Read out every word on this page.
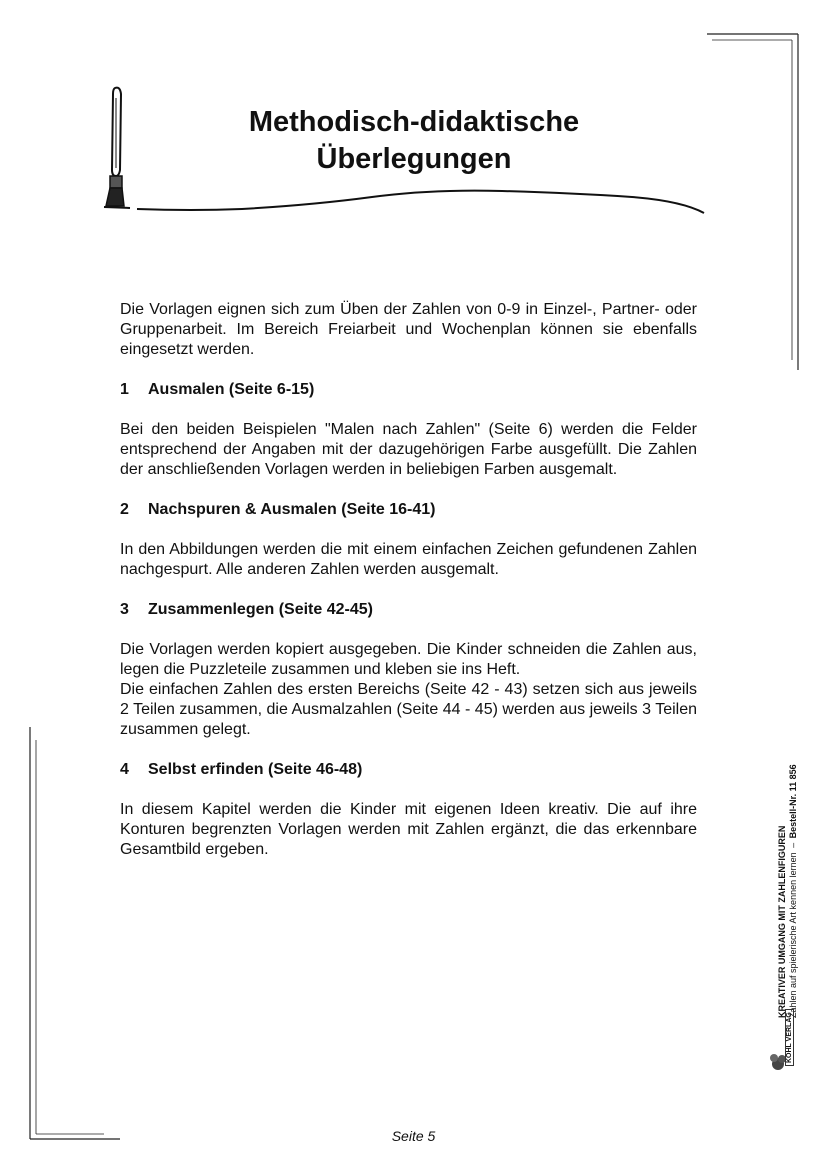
Methodisch-didaktische
Überlegungen

Die Vorlagen eignen sich zum Üben der Zahlen von 0-9 in Einzel-, Partner- oder Gruppenarbeit. Im Bereich Freiarbeit und Wochenplan können sie ebenfalls eingesetzt werden.

1 Ausmalen (Seite 6-15)

Bei den beiden Beispielen "Malen nach Zahlen" (Seite 6) werden die Felder entsprechend der Angaben mit der dazugehörigen Farbe ausgefüllt. Die Zahlen der anschließenden Vorlagen werden in beliebigen Farben ausgemalt.

2 Nachspuren & Ausmalen (Seite 16-41)

In den Abbildungen werden die mit einem einfachen Zeichen gefundenen Zahlen nachgespurt. Alle anderen Zahlen werden ausgemalt.

3 Zusammenlegen (Seite 42-45)

Die Vorlagen werden kopiert ausgegeben. Die Kinder schneiden die Zahlen aus, legen die Puzzleteile zusammen und kleben sie ins Heft.

Die einfachen Zahlen des ersten Bereichs (Seite 42 - 43) setzen sich aus jeweils 2 Teilen zusammen, die Ausmalzahlen (Seite 44 - 45) werden aus jeweils 3 Teilen zusammen gelegt.

4 Selbst erfinden (Seite 46-48)

In diesem Kapitel werden die Kinder mit eigenen Ideen kreativ. Die auf ihre Konturen begrenzten Vorlagen werden mit Zahlen ergänzt, die das erkennbare Gesamtbild ergeben.	KREATIVER UMGANG MIT ZAHLENFIGUREN Zahlen auf spielerische Art kennen lernen–Bestell-Nr. 11 856
KOHL VERLAG
Seite 5
